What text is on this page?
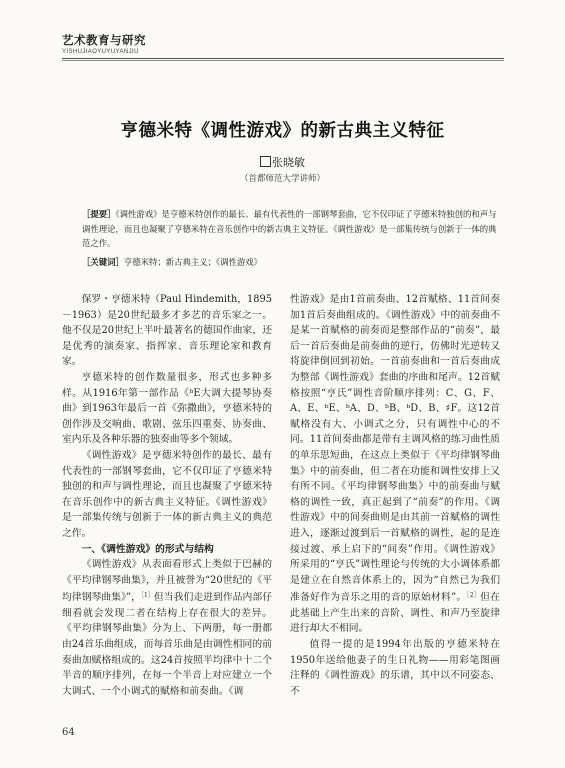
艺术教育与研究
YISHUJIAOYUYUYANJIU
亨德米特《调性游戏》的新古典主义特征
张晓敏
（首都师范大学讲师）

［提要］《调性游戏》是亨德米特创作的最长、最有代表性的一部钢琴套曲，它不仅印证了亨德米特独创的和声与调性理论，而且也凝聚了亨德米特在音乐创作中的新古典主义特征。《调性游戏》是一部集传统与创新于一体的典范之作。

［关键词］亨德米特；新古典主义；《调性游戏》

保罗・亨德米特（Paul Hindemith，1895－1963）是20世纪最多才多艺的音乐家之一。他不仅是20世纪上半叶最著名的德国作曲家，还是优秀的演奏家、指挥家、音乐理论家和教育家。

亨德米特的创作数量很多，形式也多种多样。从1916年第一部作品《ᵇE大调大提琴协奏曲》到1963年最后一首《弥撒曲》，亨德米特的创作涉及交响曲、歌剧、弦乐四重奏、协奏曲、室内乐及各种乐器的独奏曲等多个领域。

《调性游戏》是亨德米特创作的最长、最有代表性的一部钢琴套曲，它不仅印证了亨德米特独创的和声与调性理论，而且也凝聚了亨德米特在音乐创作中的新古典主义特征。《调性游戏》是一部集传统与创新于一体的新古典主义的典范之作。

一、《调性游戏》的形式与结构

《调性游戏》从表面看形式上类似于巴赫的《平均律钢琴曲集》，并且被誉为“20世纪的《平均律钢琴曲集》”，$^{[1]}$但当我们走进到作品内部仔细看就会发现二者在结构上存在很大的差异。《平均律钢琴曲集》分为上、下两册，每一册都由24首乐曲组成，而每首乐曲是由调性相同的前奏曲加赋格组成的。这24首按照半均律中十二个半音的顺序排列，在每一个半音上对应建立一个大调式、一个小调式的赋格和前奏曲。《调

性游戏》是由1首前奏曲、12首赋格、11首间奏加1首后奏曲组成的。《调性游戏》中的前奏曲不是某一首赋格的前奏而是整部作品的“前奏”，最后一首后奏曲是前奏曲的逆行，仿佛时光逆转又将旋律倒回到初始。一首前奏曲和一首后奏曲成为整部《调性游戏》套曲的序曲和尾声。12首赋格按照“亨氏”调性音阶顺序排列：C、G、F、A、E、ᵇE、ᵇA、D、ᵇB、ᵇD、B、♯F。这12首赋格没有大、小调式之分，只有调性中心的不同。11首间奏曲都是带有主调风格的练习曲性质的单乐思短曲，在这点上类似于《平均律钢琴曲集》中的前奏曲，但二者在功能和调性安排上又有所不同。《平均律钢琴曲集》中的前奏曲与赋格的调性一致，真正起到了“前奏”的作用。《调性游戏》中的间奏曲则是由其前一首赋格的调性进入，逐渐过渡到后一首赋格的调性，起的是连接过渡、承上启下的“间奏”作用。《调性游戏》所采用的“亨氏”调性理论与传统的大小调体系都是建立在自然音体系上的，因为“自然已为我们准备好作为音乐之用的音的原始材料”。$^{[2]}$但在此基础上产生出来的音阶、调性、和声乃至旋律进行却大不相同。

值得一提的是1994年出版的亨德米特在1950年送给他妻子的生日礼物——用彩笔图画注释的《调性游戏》的乐谱，其中以不同姿态、不

64
